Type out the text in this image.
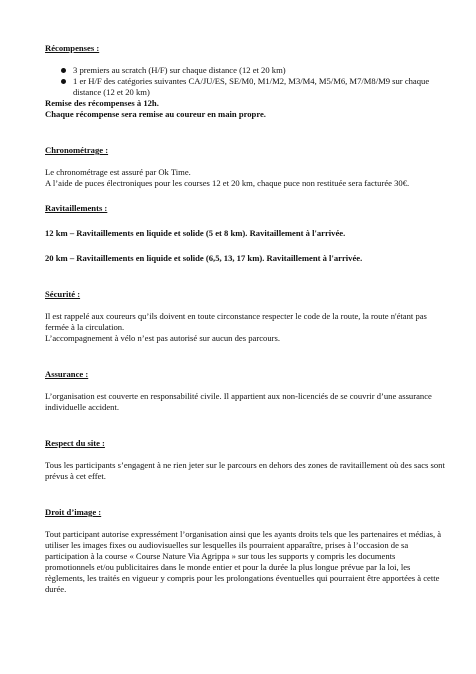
Récompenses :

3 premiers au scratch (H/F) sur chaque distance (12 et 20 km)
1 er H/F des catégories suivantes CA/JU/ES, SE/M0, M1/M2, M3/M4, M5/M6, M7/M8/M9 sur chaque distance (12 et 20 km)

Remise des récompenses à 12h.

Chaque récompense sera remise au coureur en main propre.

Chronométrage :

Le chronométrage est assuré par Ok Time.
A l’aide de puces électroniques pour les courses 12 et 20 km, chaque puce non restituée sera facturée 30€.

Ravitaillements :

12 km – Ravitaillements en liquide et solide (5 et 8 km). Ravitaillement à l'arrivée.

20 km – Ravitaillements en liquide et solide (6,5, 13, 17 km). Ravitaillement à l'arrivée.

Sécurité :

Il est rappelé aux coureurs qu’ils doivent en toute circonstance respecter le code de la route, la route n'étant pas fermée à la circulation.
L’accompagnement à vélo n’est pas autorisé sur aucun des parcours.

Assurance :

L’organisation est couverte en responsabilité civile. Il appartient aux non-licenciés de se couvrir d’une assurance individuelle accident.

Respect du site :

Tous les participants s’engagent à ne rien jeter sur le parcours en dehors des zones de ravitaillement où des sacs sont prévus à cet effet.

Droit d’image :

Tout participant autorise expressément l’organisation ainsi que les ayants droits tels que les partenaires et médias, à utiliser les images fixes ou audiovisuelles sur lesquelles ils pourraient apparaître, prises à l’occasion de sa participation à la course « Course Nature Via Agrippa » sur tous les supports y compris les documents promotionnels et/ou publicitaires dans le monde entier et pour la durée la plus longue prévue par la loi, les règlements, les traités en vigueur y compris pour les prolongations éventuelles qui pourraient être apportées à cette durée.
